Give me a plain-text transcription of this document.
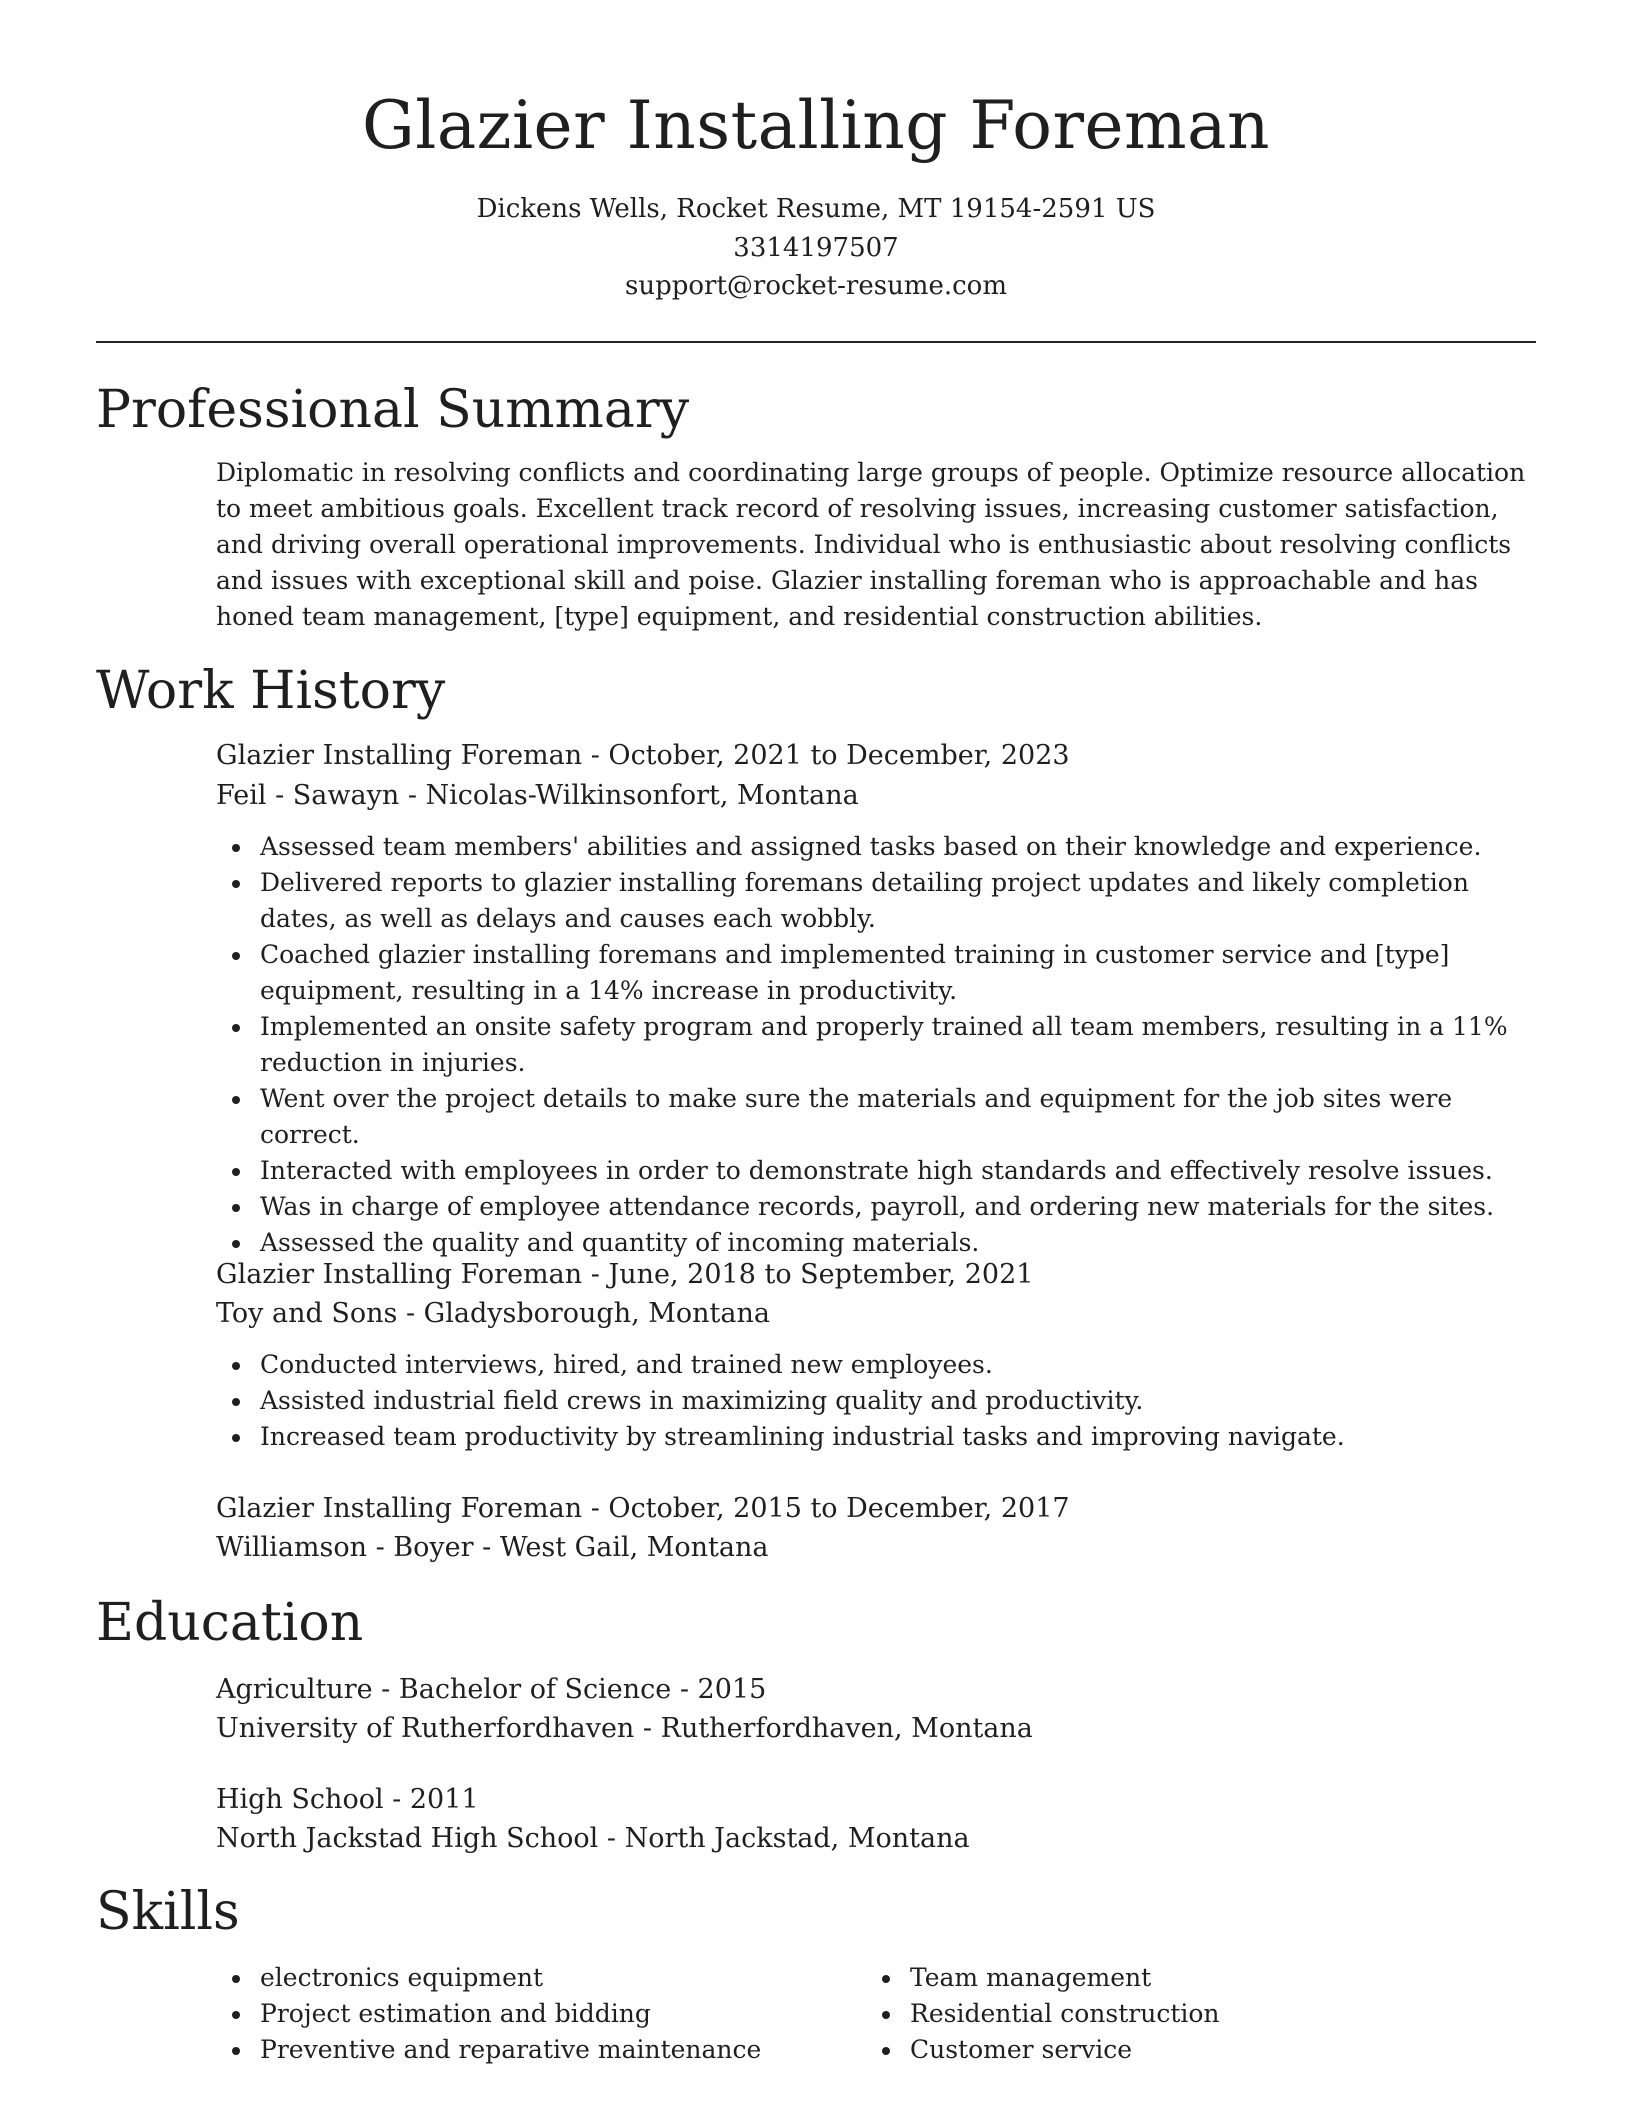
Glazier Installing Foreman
Dickens Wells, Rocket Resume, MT 19154-2591 US
3314197507
support@rocket-resume.com
Professional Summary

Diplomatic in resolving conflicts and coordinating large groups of people. Optimize resource allocation to meet ambitious goals. Excellent track record of resolving issues, increasing customer satisfaction, and driving overall operational improvements. Individual who is enthusiastic about resolving conflicts and issues with exceptional skill and poise. Glazier installing foreman who is approachable and has honed team management, [type] equipment, and residential construction abilities.

Work History
Glazier Installing Foreman - October, 2021 to December, 2023
Feil - Sawayn - Nicolas-Wilkinsonfort, Montana
Assessed team members' abilities and assigned tasks based on their knowledge and experience.
Delivered reports to glazier installing foremans detailing project updates and likely completion dates, as well as delays and causes each wobbly.
Coached glazier installing foremans and implemented training in customer service and [type] equipment, resulting in a 14% increase in productivity.
Implemented an onsite safety program and properly trained all team members, resulting in a 11% reduction in injuries.
Went over the project details to make sure the materials and equipment for the job sites were correct.
Interacted with employees in order to demonstrate high standards and effectively resolve issues.
Was in charge of employee attendance records, payroll, and ordering new materials for the sites.
Assessed the quality and quantity of incoming materials.
Glazier Installing Foreman - June, 2018 to September, 2021
Toy and Sons - Gladysborough, Montana
Conducted interviews, hired, and trained new employees.
Assisted industrial field crews in maximizing quality and productivity.
Increased team productivity by streamlining industrial tasks and improving navigate.
Glazier Installing Foreman - October, 2015 to December, 2017
Williamson - Boyer - West Gail, Montana
Education
Agriculture - Bachelor of Science - 2015
University of Rutherfordhaven - Rutherfordhaven, Montana
High School - 2011
North Jackstad High School - North Jackstad, Montana
Skills
electronics equipment
Project estimation and bidding
Preventive and reparative maintenance
Team management
Residential construction
Customer service
